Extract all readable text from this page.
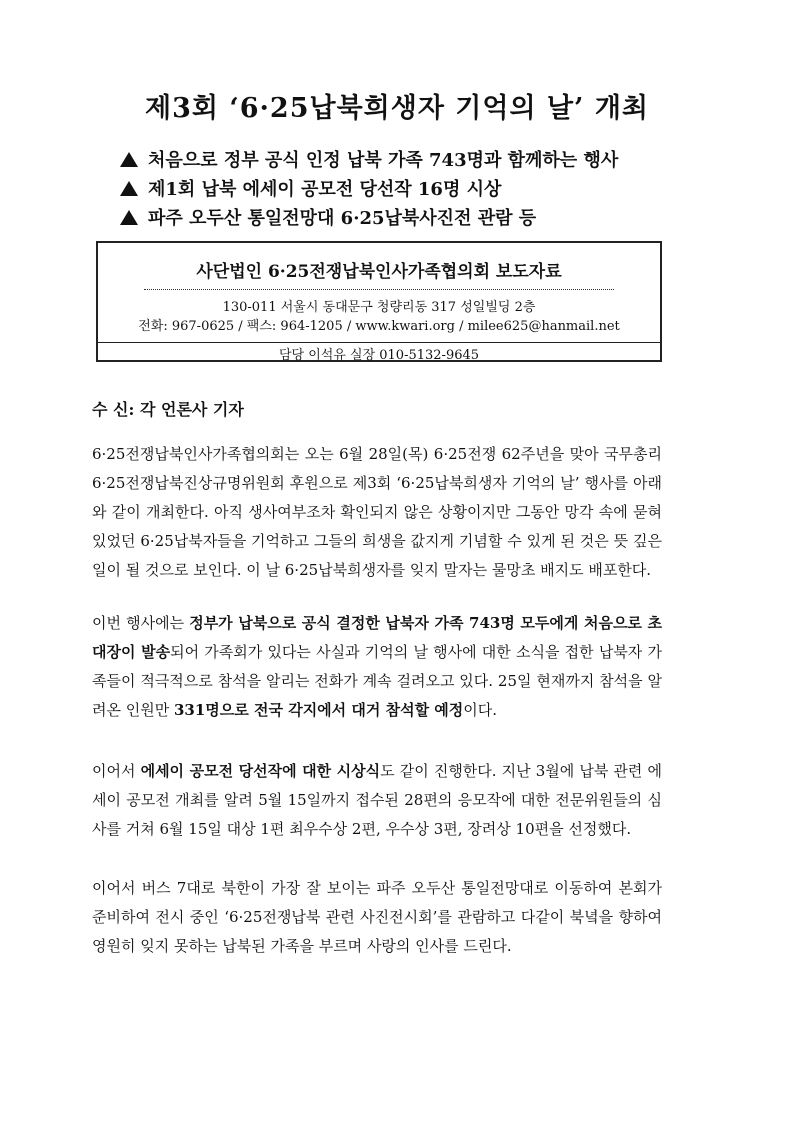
제3회 ‘6·25납북희생자 기억의 날’ 개최
처음으로 정부 공식 인정 납북 가족 743명과 함께하는 행사
제1회 납북 에세이 공모전 당선작 16명 시상
파주 오두산 통일전망대 6·25납북사진전 관람 등
사단법인 6·25전쟁납북인사가족협의회 보도자료
130-011 서울시 동대문구 청량리동 317 성일빌딩 2층
전화: 967-0625 / 팩스: 964-1205 / www.kwari.org / milee625@hanmail.net
담당 이석유 실장 010-5132-9645
수 신: 각 언론사 기자

6·25전쟁납북인사가족협의회는 오는 6월 28일(목) 6·25전쟁 62주년을 맞아 국무총리 6·25전쟁납북진상규명위원회 후원으로 제3회 ‘6·25납북희생자 기억의 날’ 행사를 아래와 같이 개최한다. 아직 생사여부조차 확인되지 않은 상황이지만 그동안 망각 속에 묻혀있었던 6·25납북자들을 기억하고 그들의 희생을 값지게 기념할 수 있게 된 것은 뜻 깊은 일이 될 것으로 보인다. 이 날 6·25납북희생자를 잊지 말자는 물망초 배지도 배포한다.

이번 행사에는 정부가 납북으로 공식 결정한 납북자 가족 743명 모두에게 처음으로 초대장이 발송되어 가족회가 있다는 사실과 기억의 날 행사에 대한 소식을 접한 납북자 가족들이 적극적으로 참석을 알리는 전화가 계속 걸려오고 있다. 25일 현재까지 참석을 알려온 인원만 331명으로 전국 각지에서 대거 참석할 예정이다.

이어서 에세이 공모전 당선작에 대한 시상식도 같이 진행한다. 지난 3월에 납북 관련 에세이 공모전 개최를 알려 5월 15일까지 접수된 28편의 응모작에 대한 전문위원들의 심사를 거쳐 6월 15일 대상 1편 최우수상 2편, 우수상 3편, 장려상 10편을 선정했다.

이어서 버스 7대로 북한이 가장 잘 보이는 파주 오두산 통일전망대로 이동하여 본회가 준비하여 전시 중인 ‘6·25전쟁납북 관련 사진전시회’를 관람하고 다같이 북녘을 향하여 영원히 잊지 못하는 납북된 가족을 부르며 사랑의 인사를 드린다.
